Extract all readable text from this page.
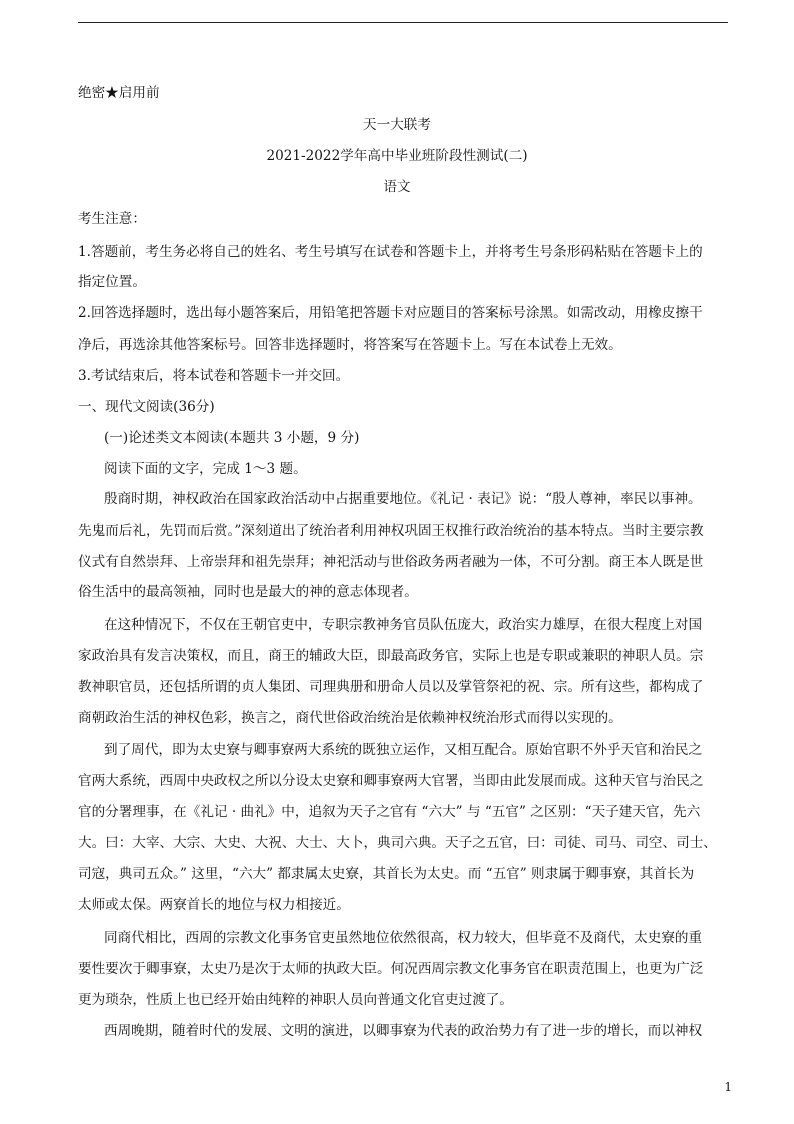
绝密★启用前
天一大联考
2021-2022学年高中毕业班阶段性测试(二)
语文
考生注意：
1.答题前，考生务必将自己的姓名、考生号填写在试卷和答题卡上，并将考生号条形码粘贴在答题卡上的
指定位置。
2.回答选择题时，选出每小题答案后，用铅笔把答题卡对应题目的答案标号涂黑。如需改动，用橡皮擦干
净后，再选涂其他答案标号。回答非选择题时，将答案写在答题卡上。写在本试卷上无效。
3.考试结束后，将本试卷和答题卡一并交回。
一、现代文阅读(36分)
(一)论述类文本阅读(本题共 3 小题，9 分)
阅读下面的文字，完成 1～3 题。
殷商时期，神权政治在国家政治活动中占据重要地位。《礼记 · 表记》说：“殷人尊神，率民以事神。
先鬼而后礼，先罚而后赏。”深刻道出了统治者利用神权巩固王权推行政治统治的基本特点。当时主要宗教
仪式有自然崇拜、上帝崇拜和祖先崇拜；神祀活动与世俗政务两者融为一体，不可分割。商王本人既是世
俗生活中的最高领袖，同时也是最大的神的意志体现者。
在这种情况下，不仅在王朝官吏中，专职宗教神务官员队伍庞大，政治实力雄厚，在很大程度上对国
家政治具有发言决策权，而且，商王的辅政大臣，即最高政务官，实际上也是专职或兼职的神职人员。宗
教神职官员，还包括所谓的贞人集团、司理典册和册命人员以及掌管祭祀的祝、宗。所有这些，都构成了
商朝政治生活的神权色彩，换言之，商代世俗政治统治是依赖神权统治形式而得以实现的。
到了周代，即为太史寮与卿事寮两大系统的既独立运作，又相互配合。原始官职不外乎天官和治民之
官两大系统，西周中央政权之所以分设太史寮和卿事寮两大官署，当即由此发展而成。这种天官与治民之
官的分署理事，在《礼记 · 曲礼》中，追叙为天子之官有 “六大” 与 “五官” 之区别：“天子建天官，先六
大。曰：大宰、大宗、大史、大祝、大士、大卜，典司六典。天子之五官，曰：司徒、司马、司空、司士、
司寇，典司五众。” 这里，“六大” 都隶属太史寮，其首长为太史。而 “五官” 则隶属于卿事寮，其首长为
太师或太保。两寮首长的地位与权力相接近。
同商代相比，西周的宗教文化事务官吏虽然地位依然很高，权力较大，但毕竟不及商代，太史寮的重
要性要次于卿事寮，太史乃是次于太师的执政大臣。何况西周宗教文化事务官在职责范围上，也更为广泛
更为琐杂，性质上也已经开始由纯粹的神职人员向普通文化官吏过渡了。
西周晚期，随着时代的发展、文明的演进，以卿事寮为代表的政治势力有了进一步的增长，而以神权
1
